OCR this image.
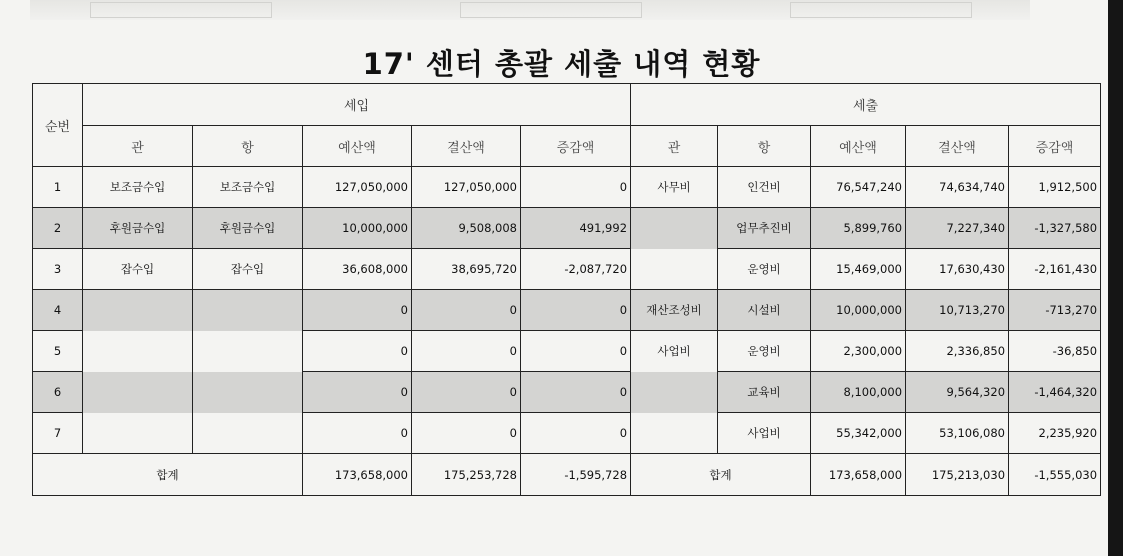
17' 센터 총괄 세출 내역 현황
순번	세입					세출				
	관	항	예산액	결산액	증감액	관	항	예산액	결산액	증감액
1	보조금수입	보조금수입	127,050,000	127,050,000	0	사무비	인건비	76,547,240	74,634,740	1,912,500
2	후원금수입	후원금수입	10,000,000	9,508,008	491,992		업무추진비	5,899,760	7,227,340	-1,327,580
3	잡수입	잡수입	36,608,000	38,695,720	-2,087,720		운영비	15,469,000	17,630,430	-2,161,430
4			0	0	0	재산조성비	시설비	10,000,000	10,713,270	-713,270
5			0	0	0	사업비	운영비	2,300,000	2,336,850	-36,850
6			0	0	0		교육비	8,100,000	9,564,320	-1,464,320
7			0	0	0		사업비	55,342,000	53,106,080	2,235,920
합계			173,658,000	175,253,728	-1,595,728	합계		173,658,000	175,213,030	-1,555,030
